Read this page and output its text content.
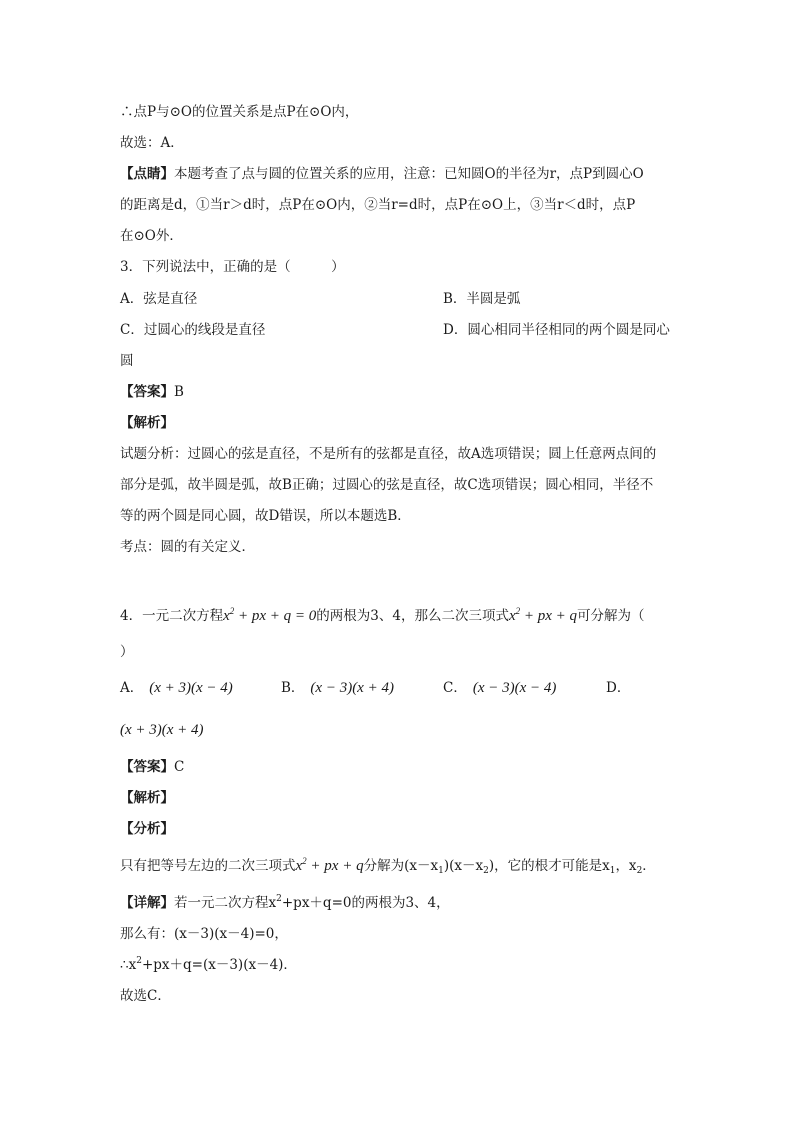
∴点P与⊙O的位置关系是点P在⊙O内，
故选：A．
【点睛】本题考查了点与圆的位置关系的应用，注意：已知圆O的半径为r，点P到圆心O
的距离是d，①当r＞d时，点P在⊙O内，②当r=d时，点P在⊙O上，③当r＜d时，点P
在⊙O外．
3．下列说法中，正确的是（　　　）
A．弦是直径	B．半圆是弧
C．过圆心的线段是直径	D．圆心相同半径相同的两个圆是同心
圆
【答案】B
【解析】
试题分析：过圆心的弦是直径，不是所有的弦都是直径，故A选项错误；圆上任意两点间的
部分是弧，故半圆是弧，故B正确；过圆心的弦是直径，故C选项错误；圆心相同，半径不
等的两个圆是同心圆，故D错误，所以本题选B．
考点：圆的有关定义．
4．一元二次方程$x^2$ + px + q = 0的两根为3、4，那么二次三项式$x^2$ + px + q可分解为（
）
A． (x + 3)(x − 4)	B． (x − 3)(x + 4)	C． (x − 3)(x − 4)	D．
(x + 3)(x + 4)
【答案】C
【解析】
【分析】
只有把等号左边的二次三项式$x^2$ + px + q分解为$(x-x_1)(x-x_2)$，它的根才可能是$x_1$，$x_2$．
【详解】若一元二次方程$x^2+px+q=0$的两根为3、4，
那么有：(x－3)(x－4)=0，
$\therefore x^2+px+q=(x-3)(x-4)$．
故选C．
